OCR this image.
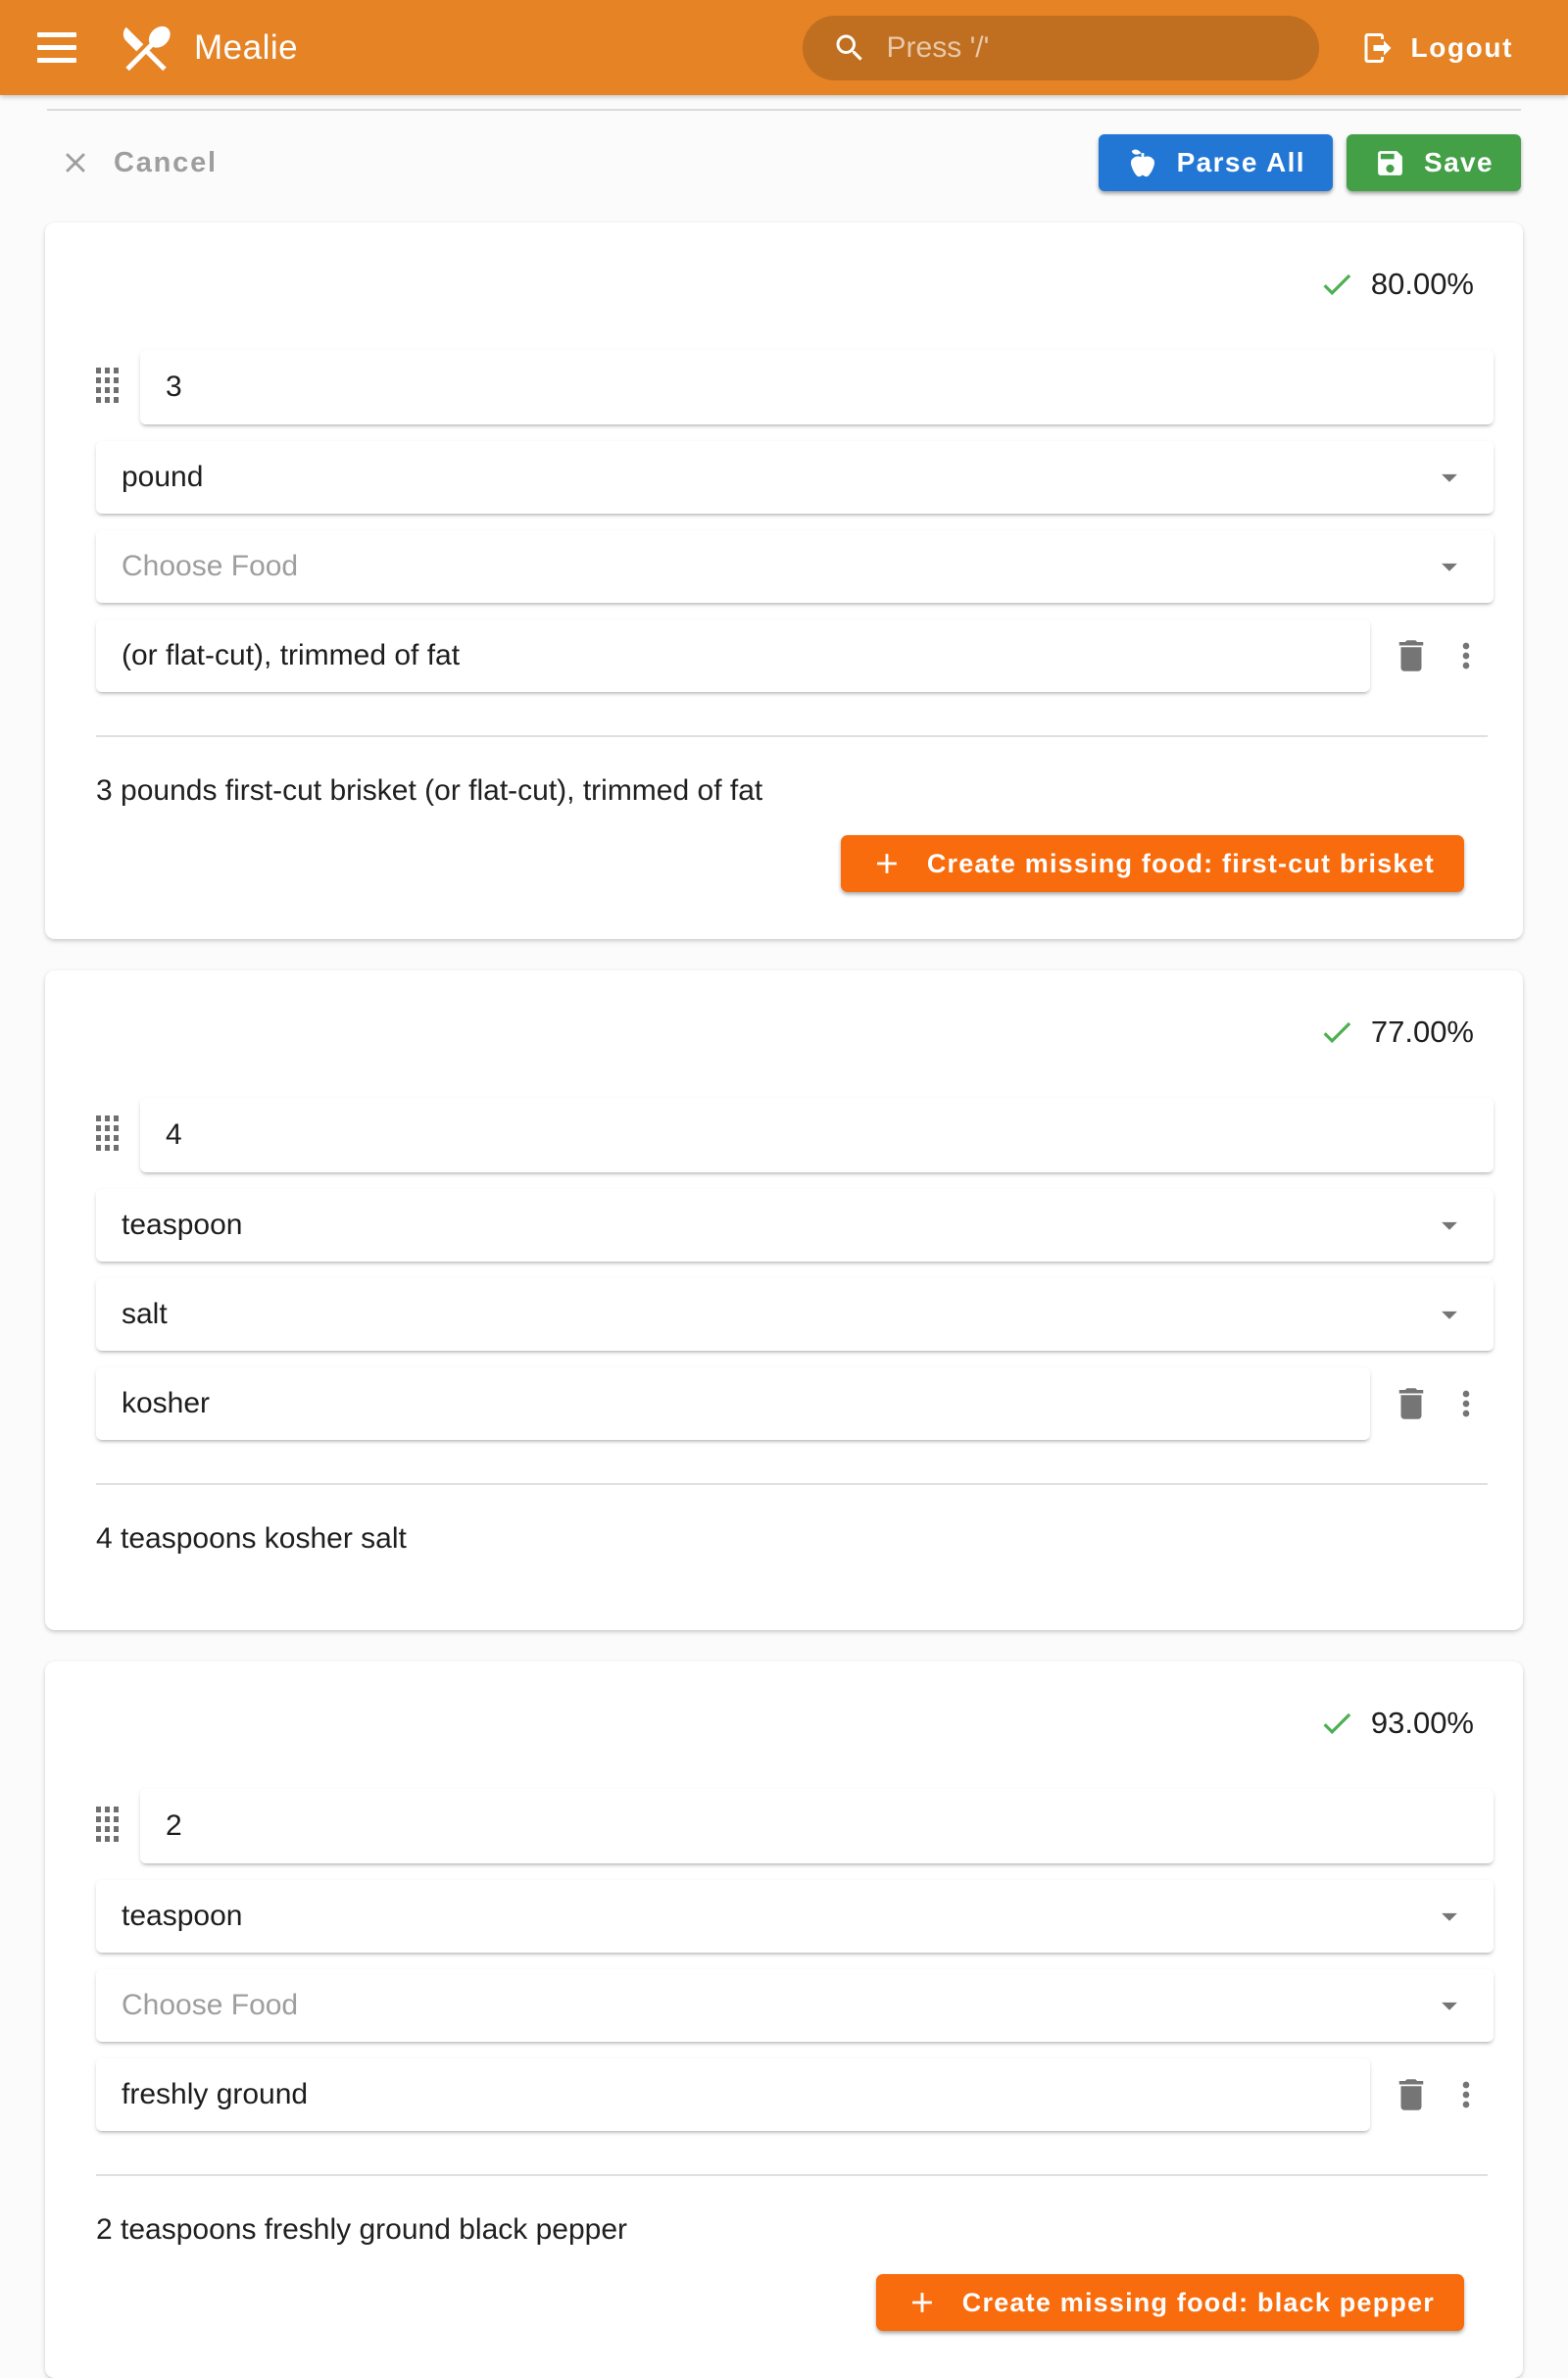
Mealie	Press '/'	Logout
Cancel	Parse All	Save
80.00%
3
pound
Choose Food
(or flat-cut), trimmed of fat

3 pounds first-cut brisket (or flat-cut), trimmed of fat

Create missing food: first-cut brisket
77.00%
4
teaspoon
salt
kosher

4 teaspoons kosher salt

93.00%
2
teaspoon
Choose Food
freshly ground

2 teaspoons freshly ground black pepper

Create missing food: black pepper
